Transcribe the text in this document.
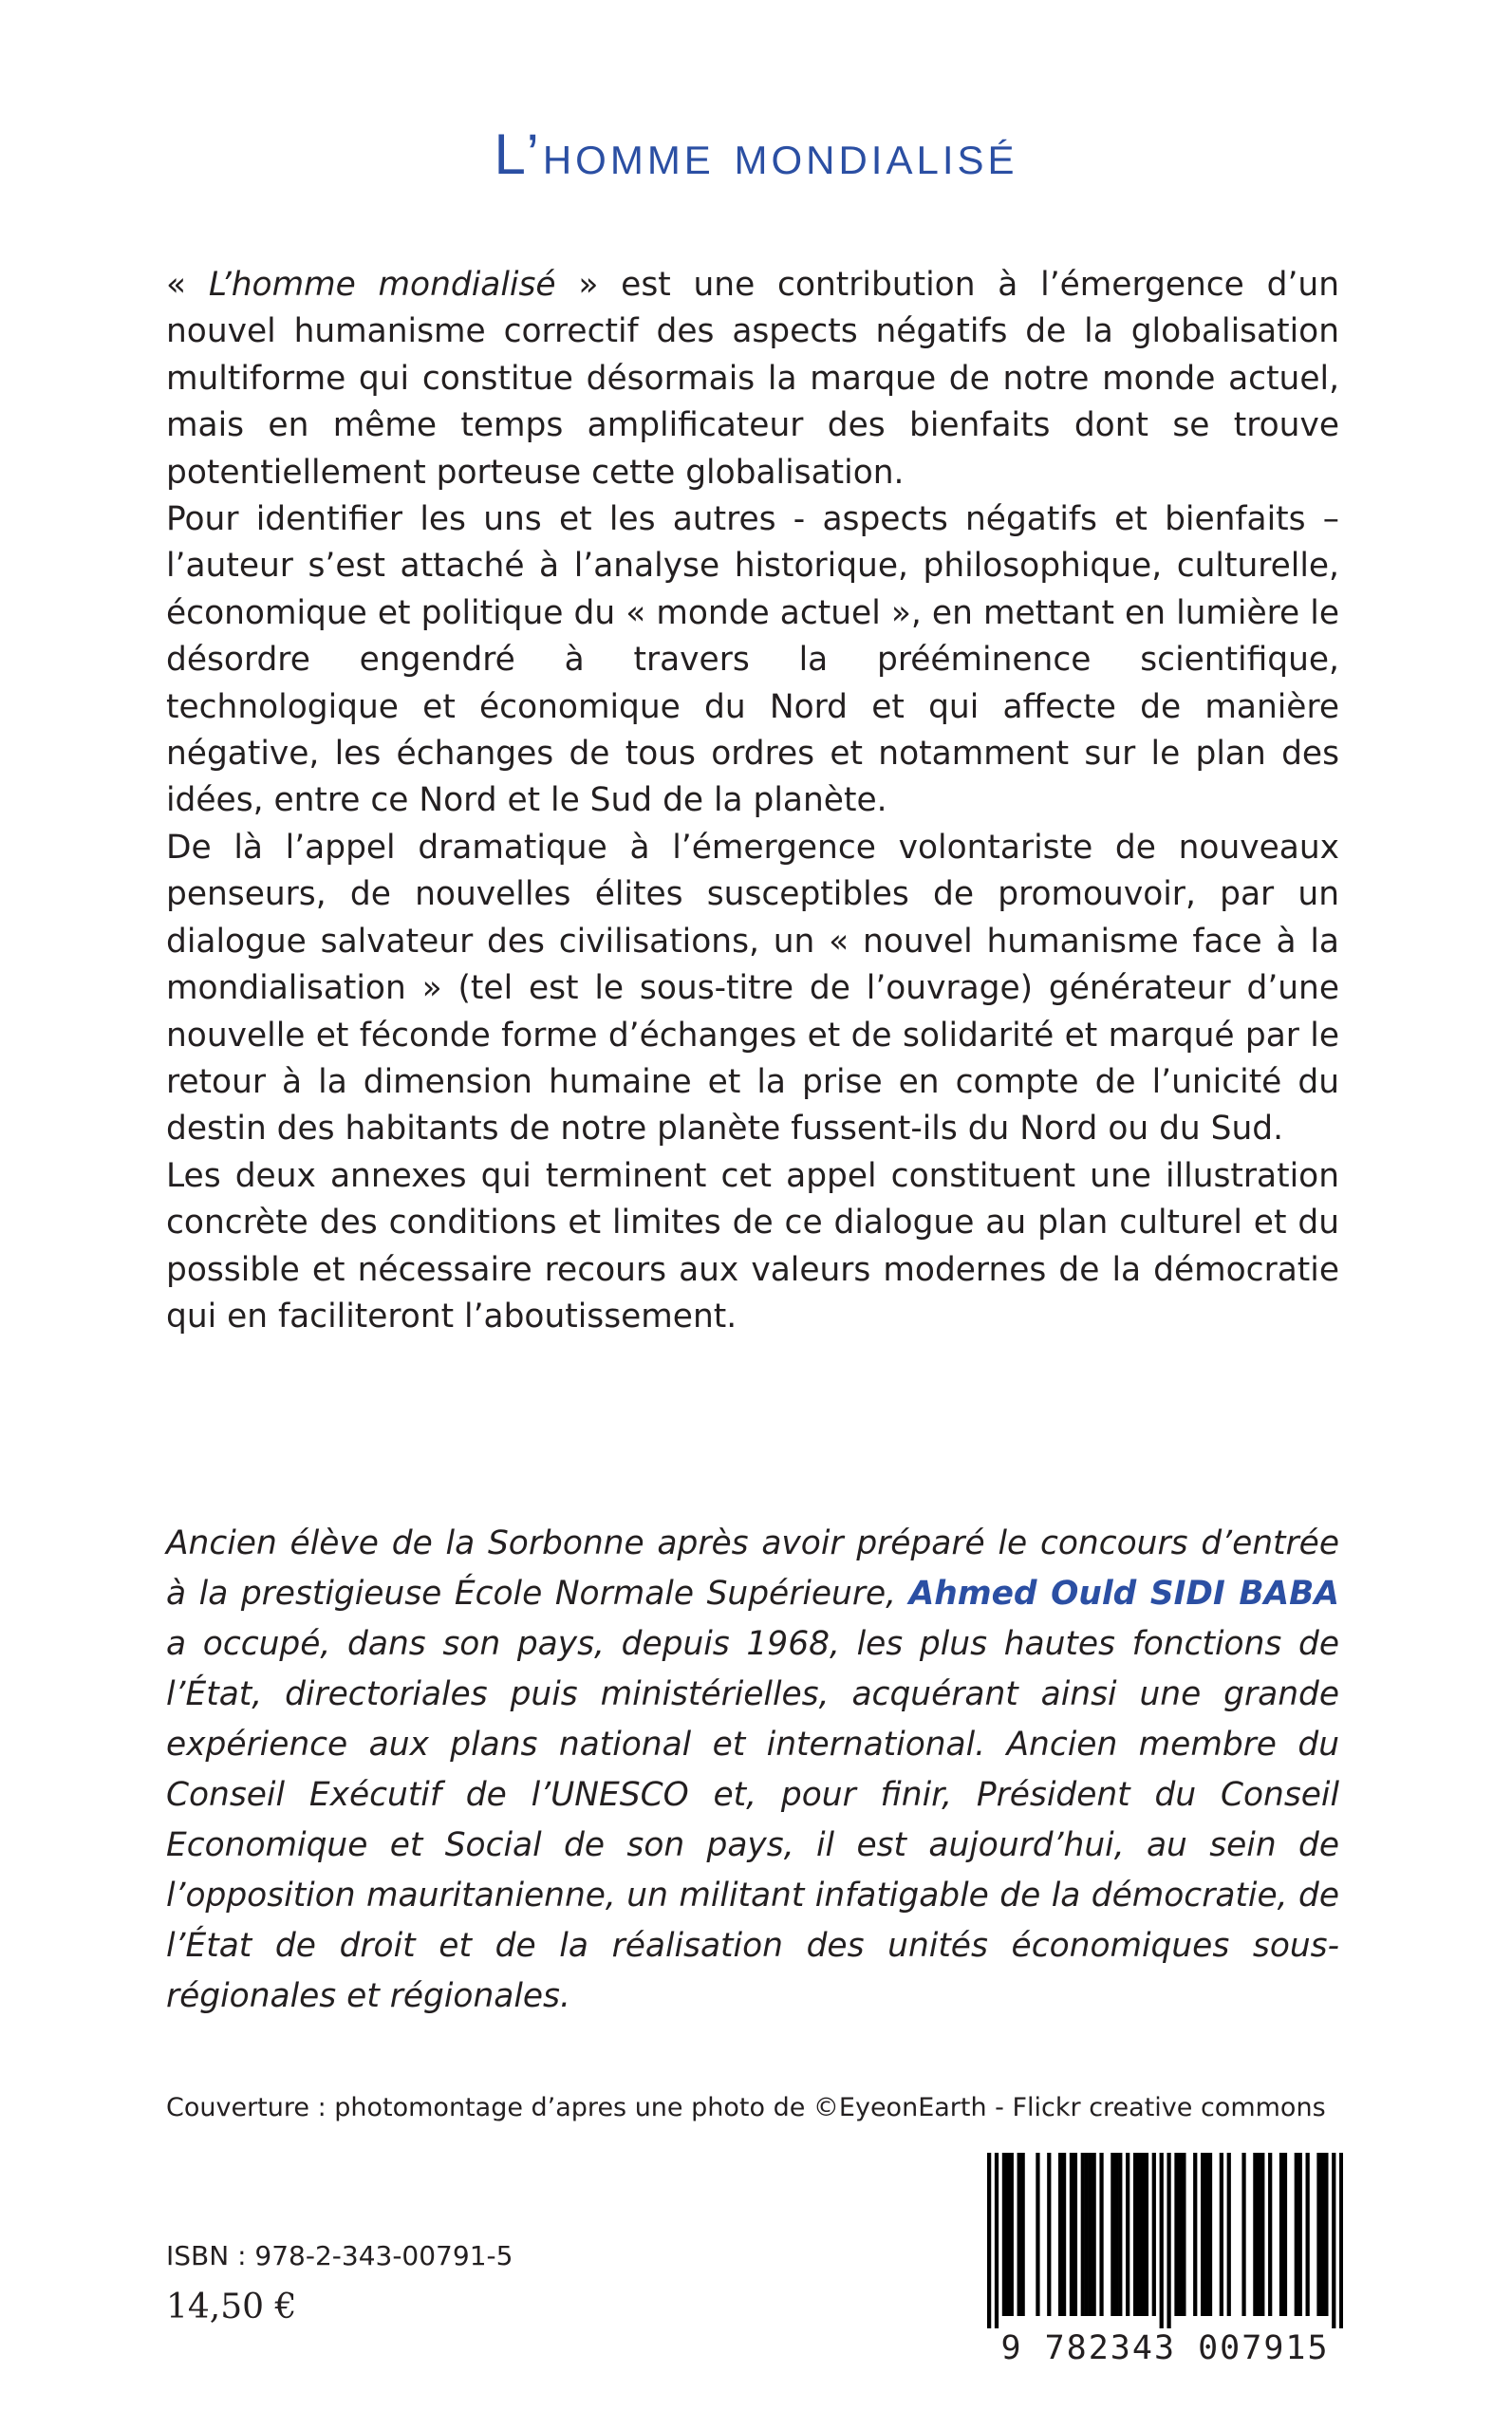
L’homme mondialisé

« L’homme mondialisé » est une contribution à l’émergence d’un nouvel humanisme correctif des aspects négatifs de la globalisation multiforme qui constitue désormais la marque de notre monde actuel, mais en même temps amplificateur des bienfaits dont se trouve potentiellement porteuse cette globalisation.

Pour identifier les uns et les autres - aspects négatifs et bienfaits – l’auteur s’est attaché à l’analyse historique, philosophique, culturelle, économique et politique du « monde actuel », en mettant en lumière le désordre engendré à travers la prééminence scientifique, technologique et économique du Nord et qui affecte de manière négative, les échanges de tous ordres et notamment sur le plan des idées, entre ce Nord et le Sud de la planète.

De là l’appel dramatique à l’émergence volontariste de nouveaux penseurs, de nouvelles élites susceptibles de promouvoir, par un dialogue salvateur des civilisations, un « nouvel humanisme face à la mondialisation » (tel est le sous-titre de l’ouvrage) générateur d’une nouvelle et féconde forme d’échanges et de solidarité et marqué par le retour à la dimension humaine et la prise en compte de l’unicité du destin des habitants de notre planète fussent-ils du Nord ou du Sud.

Les deux annexes qui terminent cet appel constituent une illustration concrète des conditions et limites de ce dialogue au plan culturel et du possible et nécessaire recours aux valeurs modernes de la démocratie qui en faciliteront l’aboutissement.

Ancien élève de la Sorbonne après avoir préparé le concours d’entrée à la prestigieuse École Normale Supérieure, Ahmed Ould SIDI BABA a occupé, dans son pays, depuis 1968, les plus hautes fonctions de l’État, directoriales puis ministérielles, acquérant ainsi une grande expérience aux plans national et international. Ancien membre du Conseil Exécutif de l’UNESCO et, pour finir, Président du Conseil Economique et Social de son pays, il est aujourd’hui, au sein de l’opposition mauritanienne, un militant infatigable de la démocratie, de l’État de droit et de la réalisation des unités économiques sous-régionales et régionales.

Couverture : photomontage d’apres une photo de ©EyeonEarth - Flickr creative commons

ISBN : 978-2-343-00791-5

14,50 €

9 782343 007915
